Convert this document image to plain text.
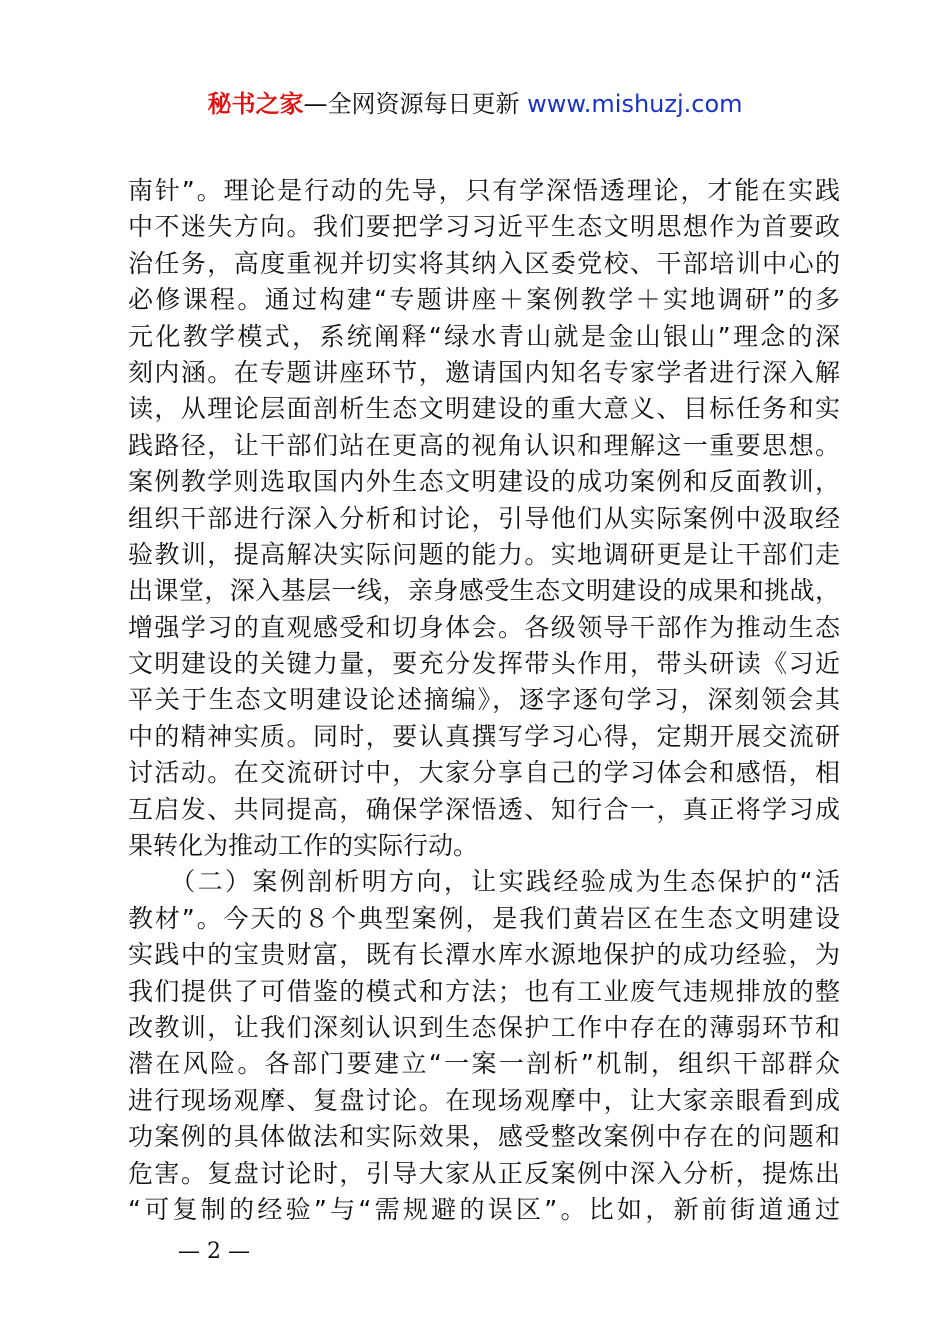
秘书之家—全网资源每日更新 www.mishuzj.com
南针”。理论是行动的先导，只有学深悟透理论，才能在实践
中不迷失方向。我们要把学习习近平生态文明思想作为首要政
治任务，高度重视并切实将其纳入区委党校、干部培训中心的
必修课程。通过构建“专题讲座＋案例教学＋实地调研”的多
元化教学模式，系统阐释“绿水青山就是金山银山”理念的深
刻内涵。在专题讲座环节，邀请国内知名专家学者进行深入解
读，从理论层面剖析生态文明建设的重大意义、目标任务和实
践路径，让干部们站在更高的视角认识和理解这一重要思想。
案例教学则选取国内外生态文明建设的成功案例和反面教训，
组织干部进行深入分析和讨论，引导他们从实际案例中汲取经
验教训，提高解决实际问题的能力。实地调研更是让干部们走
出课堂，深入基层一线，亲身感受生态文明建设的成果和挑战，
增强学习的直观感受和切身体会。各级领导干部作为推动生态
文明建设的关键力量，要充分发挥带头作用，带头研读《习近
平关于生态文明建设论述摘编》，逐字逐句学习，深刻领会其
中的精神实质。同时，要认真撰写学习心得，定期开展交流研
讨活动。在交流研讨中，大家分享自己的学习体会和感悟，相
互启发、共同提高，确保学深悟透、知行合一，真正将学习成
果转化为推动工作的实际行动。
　　（二）案例剖析明方向，让实践经验成为生态保护的“活
教材”。今天的８个典型案例，是我们黄岩区在生态文明建设
实践中的宝贵财富，既有长潭水库水源地保护的成功经验，为
我们提供了可借鉴的模式和方法；也有工业废气违规排放的整
改教训，让我们深刻认识到生态保护工作中存在的薄弱环节和
潜在风险。各部门要建立“一案一剖析”机制，组织干部群众
进行现场观摩、复盘讨论。在现场观摩中，让大家亲眼看到成
功案例的具体做法和实际效果，感受整改案例中存在的问题和
危害。复盘讨论时，引导大家从正反案例中深入分析，提炼出
“可复制的经验”与“需规避的误区”。比如，新前街道通过
— 2 —
